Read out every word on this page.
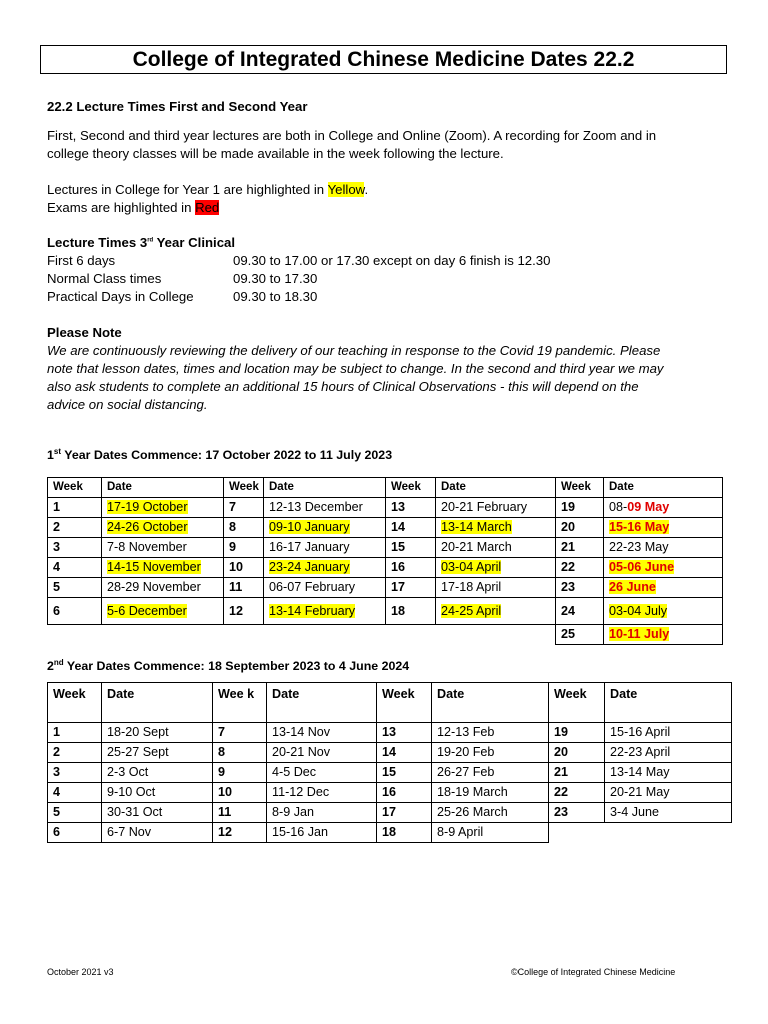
College of Integrated Chinese Medicine Dates 22.2
22.2 Lecture Times First and Second Year
First, Second and third year lectures are both in College and Online (Zoom). A recording for Zoom and in
college theory classes will be made available in the week following the lecture.
Lectures in College for Year 1 are highlighted in Yellow.
Exams are highlighted in Red
Lecture Times 3rd Year Clinical
First 6 days	09.30 to 17.00 or 17.30 except on day 6 finish is 12.30
Normal Class times	09.30 to 17.30
Practical Days in College	09.30 to 18.30
Please Note
We are continuously reviewing the delivery of our teaching in response to the Covid 19 pandemic. Please
note that lesson dates, times and location may be subject to change. In the second and third year we may
also ask students to complete an additional 15 hours of Clinical Observations - this will depend on the
advice on social distancing.
1st Year Dates Commence: 17 October 2022 to 11 July 2023
Week	Date	Week	Date	Week	Date	Week	Date
1	17-19 October	7	12-13 December	13	20-21 February	19	08-09 May
2	24-26 October	8	09-10 January	14	13-14 March	20	15-16 May
3	7-8 November	9	16-17 January	15	20-21 March	21	22-23 May
4	14-15 November	10	23-24 January	16	03-04 April	22	05-06 June
5	28-29 November	11	06-07 February	17	17-18 April	23	26 June
6	5-6 December	12	13-14 February	18	24-25 April	24	03-04 July
						25	10-11 July
2nd Year Dates Commence: 18 September 2023 to 4 June 2024
Week	Date	Wee k	Date	Week	Date	Week	Date
1	18-20 Sept	7	13-14 Nov	13	12-13 Feb	19	15-16 April
2	25-27 Sept	8	20-21 Nov	14	19-20 Feb	20	22-23 April
3	2-3 Oct	9	4-5 Dec	15	26-27 Feb	21	13-14 May
4	9-10 Oct	10	11-12 Dec	16	18-19 March	22	20-21 May
5	30-31 Oct	11	8-9 Jan	17	25-26 March	23	3-4 June
6	6-7 Nov	12	15-16 Jan	18	8-9 April		
October 2021 v3	©College of Integrated Chinese Medicine
